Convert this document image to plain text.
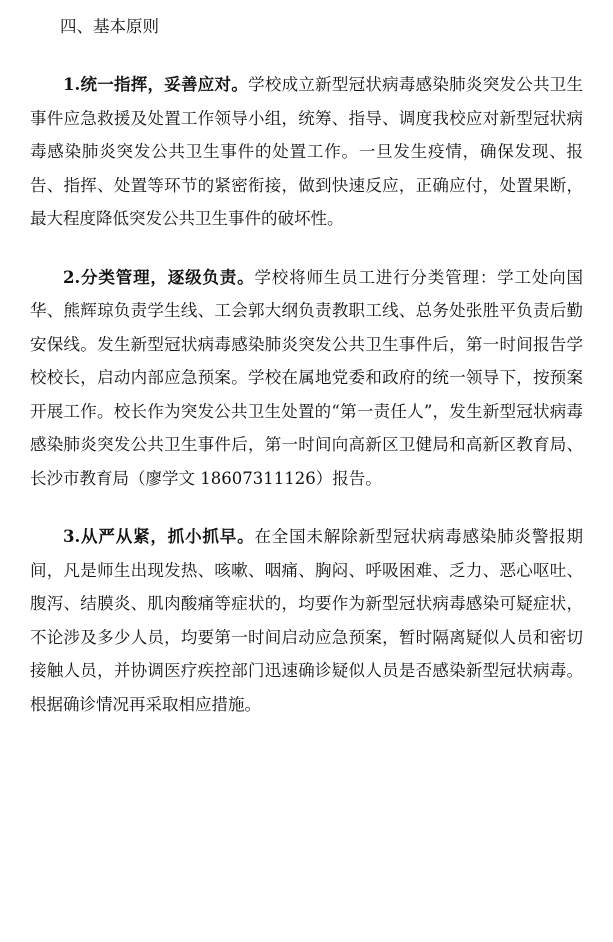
四、基本原则

1.统一指挥，妥善应对。学校成立新型冠状病毒感染肺炎突发公共卫生事件应急救援及处置工作领导小组，统筹、指导、调度我校应对新型冠状病毒感染肺炎突发公共卫生事件的处置工作。一旦发生疫情，确保发现、报告、指挥、处置等环节的紧密衔接，做到快速反应，正确应付，处置果断，最大程度降低突发公共卫生事件的破坏性。

2.分类管理，逐级负责。学校将师生员工进行分类管理：学工处向国华、熊辉琼负责学生线、工会郭大纲负责教职工线、总务处张胜平负责后勤安保线。发生新型冠状病毒感染肺炎突发公共卫生事件后，第一时间报告学校校长，启动内部应急预案。学校在属地党委和政府的统一领导下，按预案开展工作。校长作为突发公共卫生处置的“第一责任人”，发生新型冠状病毒感染肺炎突发公共卫生事件后，第一时间向高新区卫健局和高新区教育局、长沙市教育局（廖学文 18607311126）报告。

3.从严从紧，抓小抓早。在全国未解除新型冠状病毒感染肺炎警报期间，凡是师生出现发热、咳嗽、咽痛、胸闷、呼吸困难、乏力、恶心呕吐、腹泻、结膜炎、肌肉酸痛等症状的，均要作为新型冠状病毒感染可疑症状，不论涉及多少人员，均要第一时间启动应急预案，暂时隔离疑似人员和密切接触人员，并协调医疗疾控部门迅速确诊疑似人员是否感染新型冠状病毒。根据确诊情况再采取相应措施。
